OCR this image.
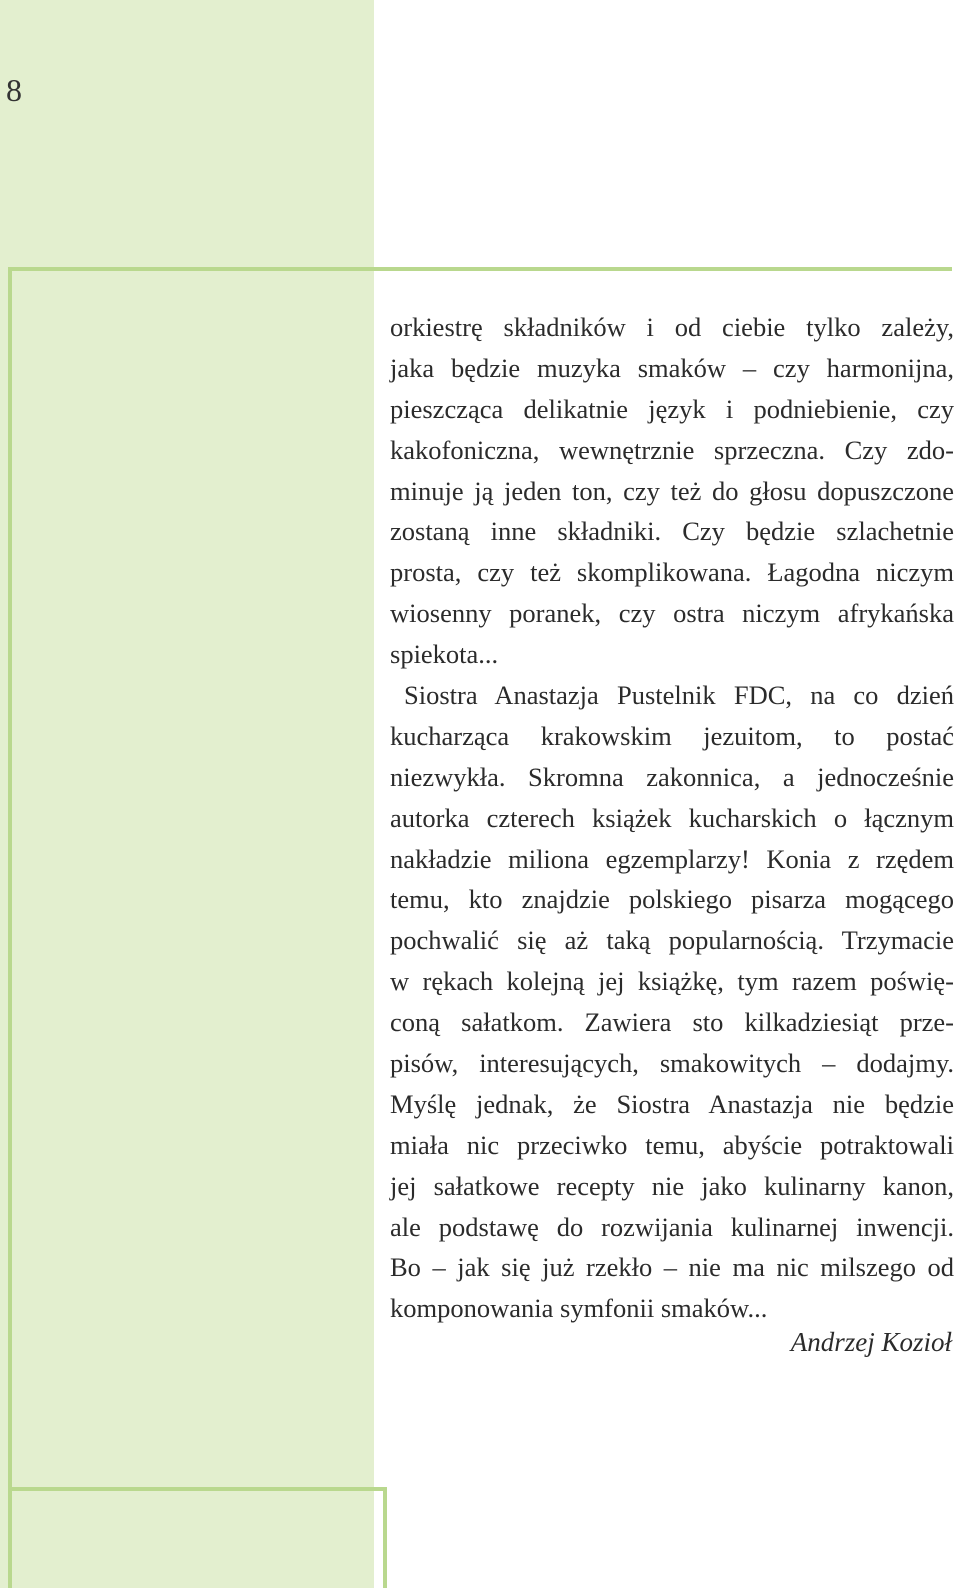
8
orkiestrę składników i od ciebie tylko zależy,
jaka będzie muzyka smaków – czy harmonijna,
pieszcząca delikatnie język i podniebienie, czy
kakofoniczna, wewnętrznie sprzeczna. Czy zdo-
minuje ją jeden ton, czy też do głosu dopuszczone
zostaną inne składniki. Czy będzie szlachetnie
prosta, czy też skomplikowana. Łagodna niczym
wiosenny poranek, czy ostra niczym afrykańska
spiekota...
Siostra Anastazja Pustelnik FDC, na co dzień
kucharząca krakowskim jezuitom, to postać
niezwykła. Skromna zakonnica, a jednocześnie
autorka czterech książek kucharskich o łącznym
nakładzie miliona egzemplarzy! Konia z rzędem
temu, kto znajdzie polskiego pisarza mogącego
pochwalić się aż taką popularnością. Trzymacie
w rękach kolejną jej książkę, tym razem poświę-
coną sałatkom. Zawiera sto kilkadziesiąt prze-
pisów, interesujących, smakowitych – dodajmy.
Myślę jednak, że Siostra Anastazja nie będzie
miała nic przeciwko temu, abyście potraktowali
jej sałatkowe recepty nie jako kulinarny kanon,
ale podstawę do rozwijania kulinarnej inwencji.
Bo – jak się już rzekło – nie ma nic milszego od
komponowania symfonii smaków...
Andrzej Kozioł
